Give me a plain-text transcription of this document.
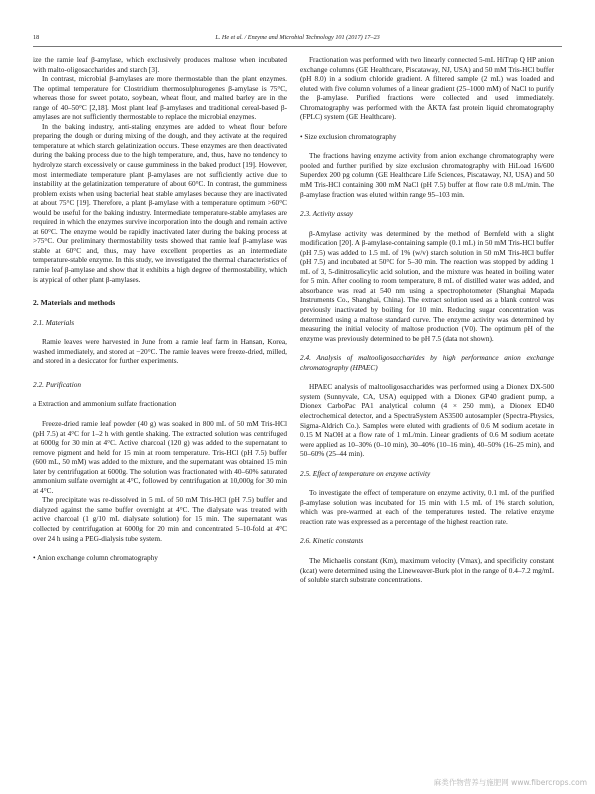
18	L. He et al. / Enzyme and Microbial Technology 101 (2017) 17–23

ize the ramie leaf β-amylase, which exclusively produces maltose when incubated with malto-oligosaccharides and starch [3].

In contrast, microbial β-amylases are more thermostable than the plant enzymes. The optimal temperature for Clostridium thermosulphurogenes β-amylase is 75°C, whereas those for sweet potato, soybean, wheat flour, and malted barley are in the range of 40–50°C [2,18]. Most plant leaf β-amylases and traditional cereal-based β-amylases are not sufficiently thermostable to replace the microbial enzymes.

In the baking industry, anti-staling enzymes are added to wheat flour before preparing the dough or during mixing of the dough, and they activate at the required temperature at which starch gelatinization occurs. These enzymes are then deactivated during the baking process due to the high temperature, and, thus, have no tendency to hydrolyze starch excessively or cause gumminess in the baked product [19]. However, most intermediate temperature plant β-amylases are not sufficiently active due to instability at the gelatinization temperature of about 60°C. In contrast, the gumminess problem exists when using bacterial heat stable amylases because they are inactivated at about 75°C [19]. Therefore, a plant β-amylase with a temperature optimum >60°C would be useful for the baking industry. Intermediate temperature-stable amylases are required in which the enzymes survive incorporation into the dough and remain active at 60°C. The enzyme would be rapidly inactivated later during the baking process at >75°C. Our preliminary thermostability tests showed that ramie leaf β-amylase was stable at 60°C and, thus, may have excellent properties as an intermediate temperature-stable enzyme. In this study, we investigated the thermal characteristics of ramie leaf β-amylase and show that it exhibits a high degree of thermostability, which is atypical of other plant β-amylases.

2. Materials and methods

2.1. Materials

Ramie leaves were harvested in June from a ramie leaf farm in Hansan, Korea, washed immediately, and stored at −20°C. The ramie leaves were freeze-dried, milled, and stored in a desiccator for further experiments.

2.2. Purification

a Extraction and ammonium sulfate fractionation

Freeze-dried ramie leaf powder (40 g) was soaked in 800 mL of 50 mM Tris-HCl (pH 7.5) at 4°C for 1–2 h with gentle shaking. The extracted solution was centrifuged at 6000g for 30 min at 4°C. Active charcoal (120 g) was added to the supernatant to remove pigment and held for 15 min at room temperature. Tris-HCl (pH 7.5) buffer (600 mL, 50 mM) was added to the mixture, and the supernatant was obtained 15 min later by centrifugation at 6000g. The solution was fractionated with 40–60% saturated ammonium sulfate overnight at 4°C, followed by centrifugation at 10,000g for 30 min at 4°C.

The precipitate was re-dissolved in 5 mL of 50 mM Tris-HCl (pH 7.5) buffer and dialyzed against the same buffer overnight at 4°C. The dialysate was treated with active charcoal (1 g/10 mL dialysate solution) for 15 min. The supernatant was collected by centrifugation at 6000g for 20 min and concentrated 5–10-fold at 4°C over 24 h using a PEG-dialysis tube system.

• Anion exchange column chromatography

Fractionation was performed with two linearly connected 5-mL HiTrap Q HP anion exchange columns (GE Healthcare, Piscataway, NJ, USA) and 50 mM Tris-HCl buffer (pH 8.0) in a sodium chloride gradient. A filtered sample (2 mL) was loaded and eluted with five column volumes of a linear gradient (25–1000 mM) of NaCl to purify the β-amylase. Purified fractions were collected and used immediately. Chromatography was performed with the ÄKTA fast protein liquid chromatography (FPLC) system (GE Healthcare).

• Size exclusion chromatography

The fractions having enzyme activity from anion exchange chromatography were pooled and further purified by size exclusion chromatography with HiLoad 16/600 Superdex 200 pg column (GE Healthcare Life Sciences, Piscataway, NJ, USA) and 50 mM Tris-HCl containing 300 mM NaCl (pH 7.5) buffer at flow rate 0.8 mL/min. The β-amylase fraction was eluted within range 95–103 min.

2.3. Activity assay

β-Amylase activity was determined by the method of Bernfeld with a slight modification [20]. A β-amylase-containing sample (0.1 mL) in 50 mM Tris-HCl buffer (pH 7.5) was added to 1.5 mL of 1% (w/v) starch solution in 50 mM Tris-HCl buffer (pH 7.5) and incubated at 50°C for 5–30 min. The reaction was stopped by adding 1 mL of 3, 5-dinitrosalicylic acid solution, and the mixture was heated in boiling water for 5 min. After cooling to room temperature, 8 mL of distilled water was added, and absorbance was read at 540 nm using a spectrophotometer (Shanghai Mapada Instruments Co., Shanghai, China). The extract solution used as a blank control was previously inactivated by boiling for 10 min. Reducing sugar concentration was determined using a maltose standard curve. The enzyme activity was determined by measuring the initial velocity of maltose production (V0). The optimum pH of the enzyme was previously determined to be pH 7.5 (data not shown).

2.4. Analysis of maltooligosaccharides by high performance anion exchange chromatography (HPAEC)

HPAEC analysis of maltooligosaccharides was performed using a Dionex DX-500 system (Sunnyvale, CA, USA) equipped with a Dionex GP40 gradient pump, a Dionex CarboPac PA1 analytical column (4 × 250 mm), a Dionex ED40 electrochemical detector, and a SpectraSystem AS3500 autosampler (Spectra-Physics, Sigma-Aldrich Co.). Samples were eluted with gradients of 0.6 M sodium acetate in 0.15 M NaOH at a flow rate of 1 mL/min. Linear gradients of 0.6 M sodium acetate were applied as 10–30% (0–10 min), 30–40% (10–16 min), 40–50% (16–25 min), and 50–60% (25–44 min).

2.5. Effect of temperature on enzyme activity

To investigate the effect of temperature on enzyme activity, 0.1 mL of the purified β-amylase solution was incubated for 15 min with 1.5 mL of 1% starch solution, which was pre-warmed at each of the temperatures tested. The relative enzyme reaction rate was expressed as a percentage of the highest reaction rate.

2.6. Kinetic constants

The Michaelis constant (Km), maximum velocity (Vmax), and specificity constant (kcat) were determined using the Lineweaver-Burk plot in the range of 0.4–7.2 mg/mL of soluble starch substrate concentrations.

麻类作物营养与施肥网 www.fibercrops.com
